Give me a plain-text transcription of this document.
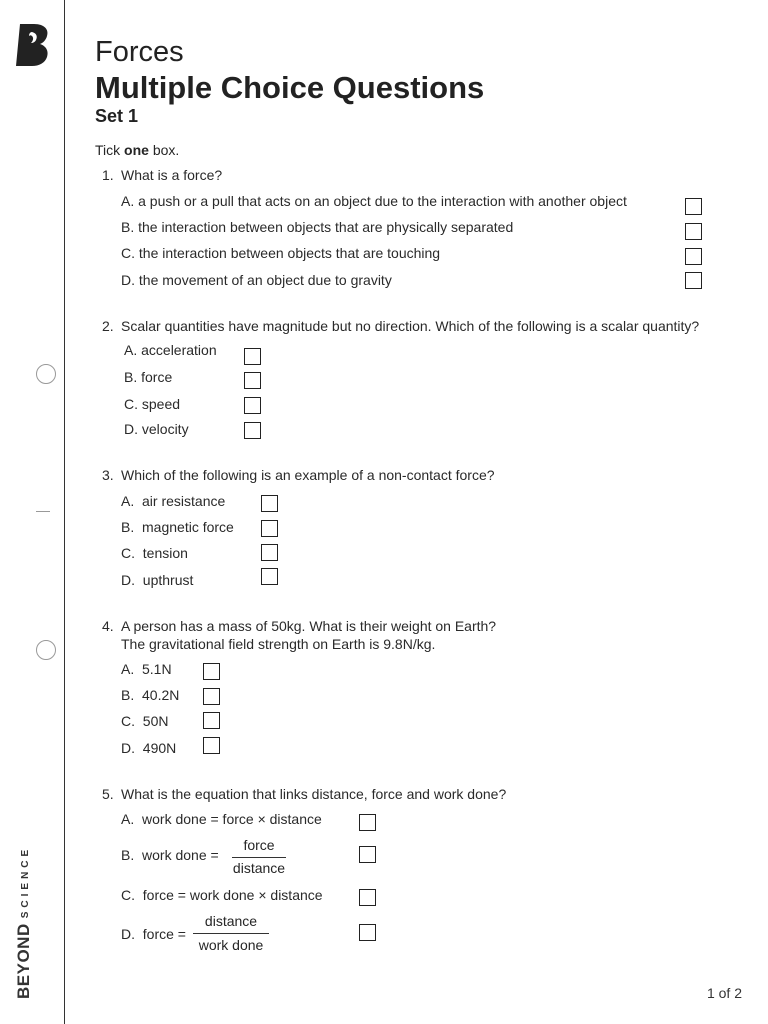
BEYONDSCIENCE
Forces
Multiple Choice Questions
Set 1
Tick one box.
1. What is a force?
A. a push or a pull that acts on an object due to the interaction with another object
B. the interaction between objects that are physically separated
C. the interaction between objects that are touching
D. the movement of an object due to gravity
2. Scalar quantities have magnitude but no direction. Which of the following is a scalar quantity?
A. acceleration
B. force
C. speed
D. velocity
3. Which of the following is an example of a non-contact force?
A.  air resistance
B.  magnetic force
C.  tension
D.  upthrust
4. A person has a mass of 50kg. What is their weight on Earth?
The gravitational field strength on Earth is 9.8N/kg.
A.  5.1N
B.  40.2N
C.  50N
D.  490N
5. What is the equation that links distance, force and work done?
A.  work done = force × distance
B.  work done =
force
distance
C.  force = work done × distance
D.  force =
distance
work done
1 of 2
